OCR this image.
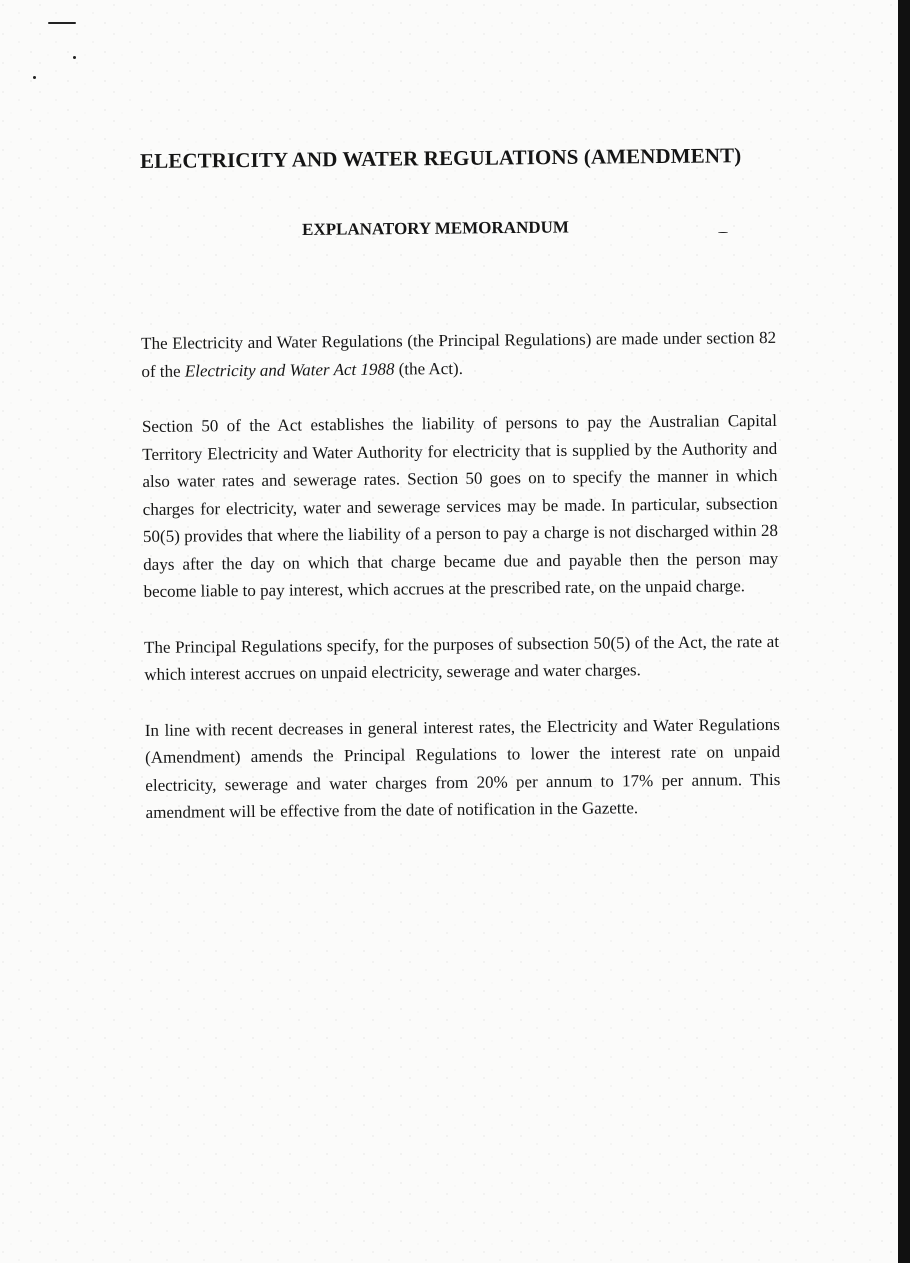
ELECTRICITY AND WATER REGULATIONS (AMENDMENT)
EXPLANATORY MEMORANDUM

The Electricity and Water Regulations (the Principal Regulations) are made under section 82 of the Electricity and Water Act 1988 (the Act).

Section 50 of the Act establishes the liability of persons to pay the Australian Capital Territory Electricity and Water Authority for electricity that is supplied by the Authority and also water rates and sewerage rates. Section 50 goes on to specify the manner in which charges for electricity, water and sewerage services may be made. In particular, subsection 50(5) provides that where the liability of a person to pay a charge is not discharged within 28 days after the day on which that charge became due and payable then the person may become liable to pay interest, which accrues at the prescribed rate, on the unpaid charge.

The Principal Regulations specify, for the purposes of subsection 50(5) of the Act, the rate at which interest accrues on unpaid electricity, sewerage and water charges.

In line with recent decreases in general interest rates, the Electricity and Water Regulations (Amendment) amends the Principal Regulations to lower the interest rate on unpaid electricity, sewerage and water charges from 20% per annum to 17% per annum. This amendment will be effective from the date of notification in the Gazette.
